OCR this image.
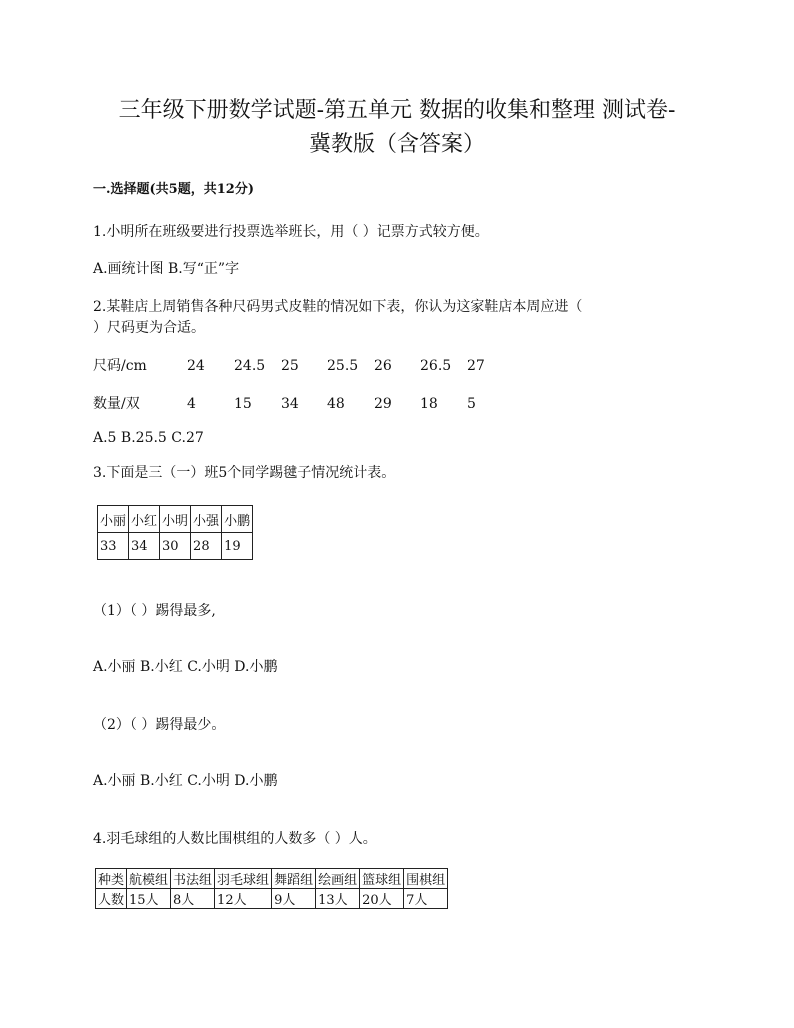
三年级下册数学试题-第五单元 数据的收集和整理 测试卷-
冀教版（含答案）
一.选择题(共5题，共12分)
1.小明所在班级要进行投票选举班长，用（ ）记票方式较方便。
A.画统计图 B.写“正”字
2.某鞋店上周销售各种尺码男式皮鞋的情况如下表，你认为这家鞋店本周应进（
）尺码更为合适。
尺码/cm	24 24.5 25 25.5 26 26.5 27
数量/双	4	15 34 48 29 18 5
A.5 B.25.5 C.27
3.下面是三（一）班5个同学踢毽子情况统计表。
小丽	小红	小明	小强	小鹏
33	34	30	28	19
（1）（ ）踢得最多,
A.小丽 B.小红 C.小明 D.小鹏
（2）（ ）踢得最少。
A.小丽 B.小红 C.小明 D.小鹏
4.羽毛球组的人数比围棋组的人数多（ ）人。
种类	航模组	书法组	羽毛球组	舞蹈组	绘画组	篮球组	围棋组
人数	15人	8人	12人	9人	13人	20人	7人
